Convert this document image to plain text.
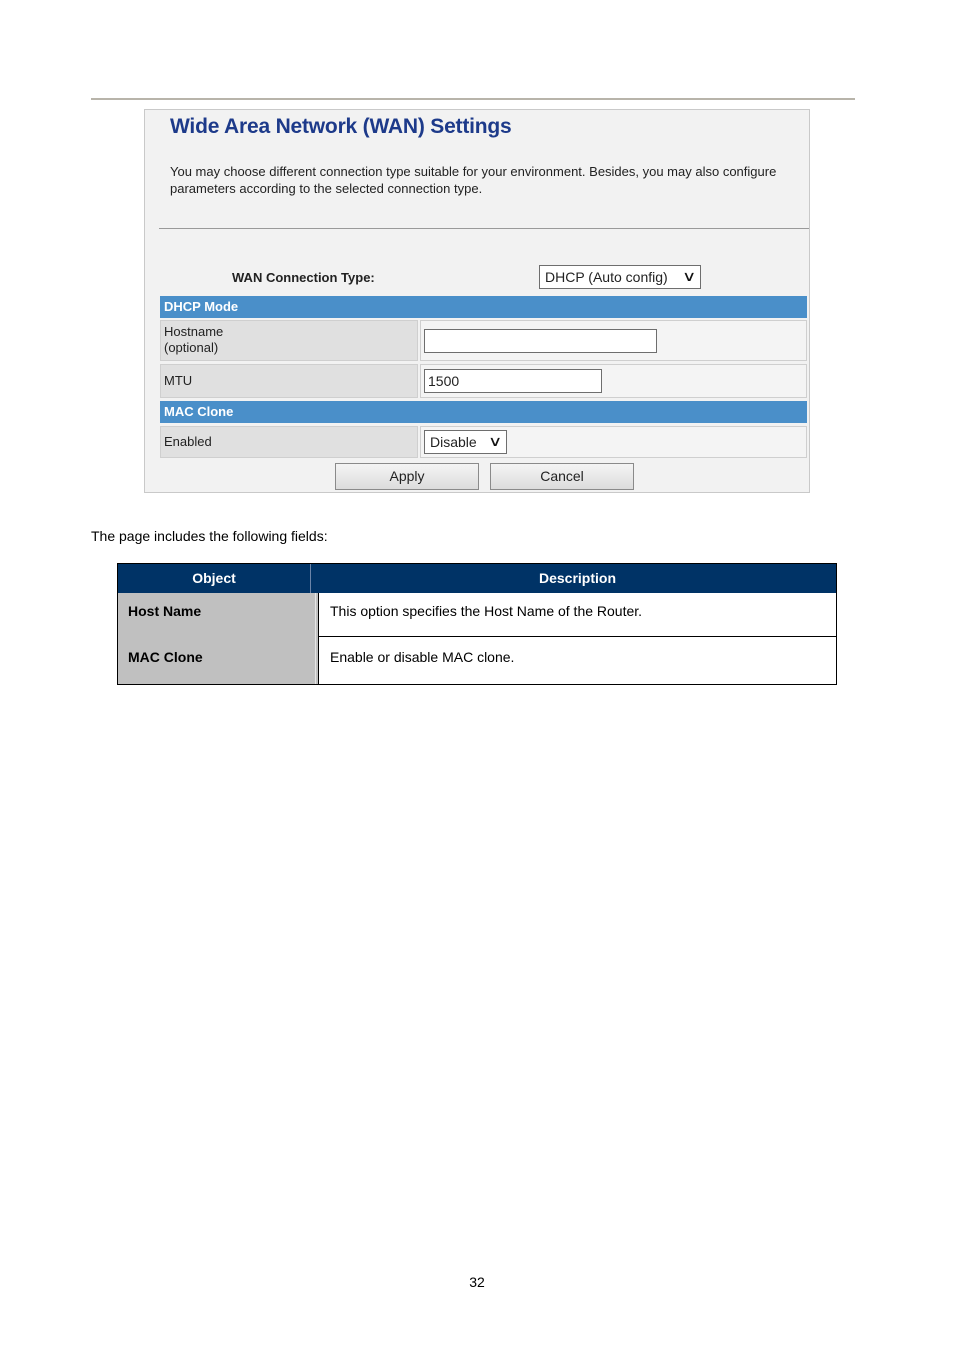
Wide Area Network (WAN) Settings
You may choose different connection type suitable for your environment. Besides, you may also configure parameters according to the selected connection type.
WAN Connection Type:	DHCP (Auto config) ∨
DHCP Mode
Hostname
(optional)
MTU	1500
MAC Clone
Enabled	Disable ∨
Apply	Cancel
The page includes the following fields:
Object	Description
Host Name	This option specifies the Host Name of the Router.
MAC Clone	Enable or disable MAC clone.
32
